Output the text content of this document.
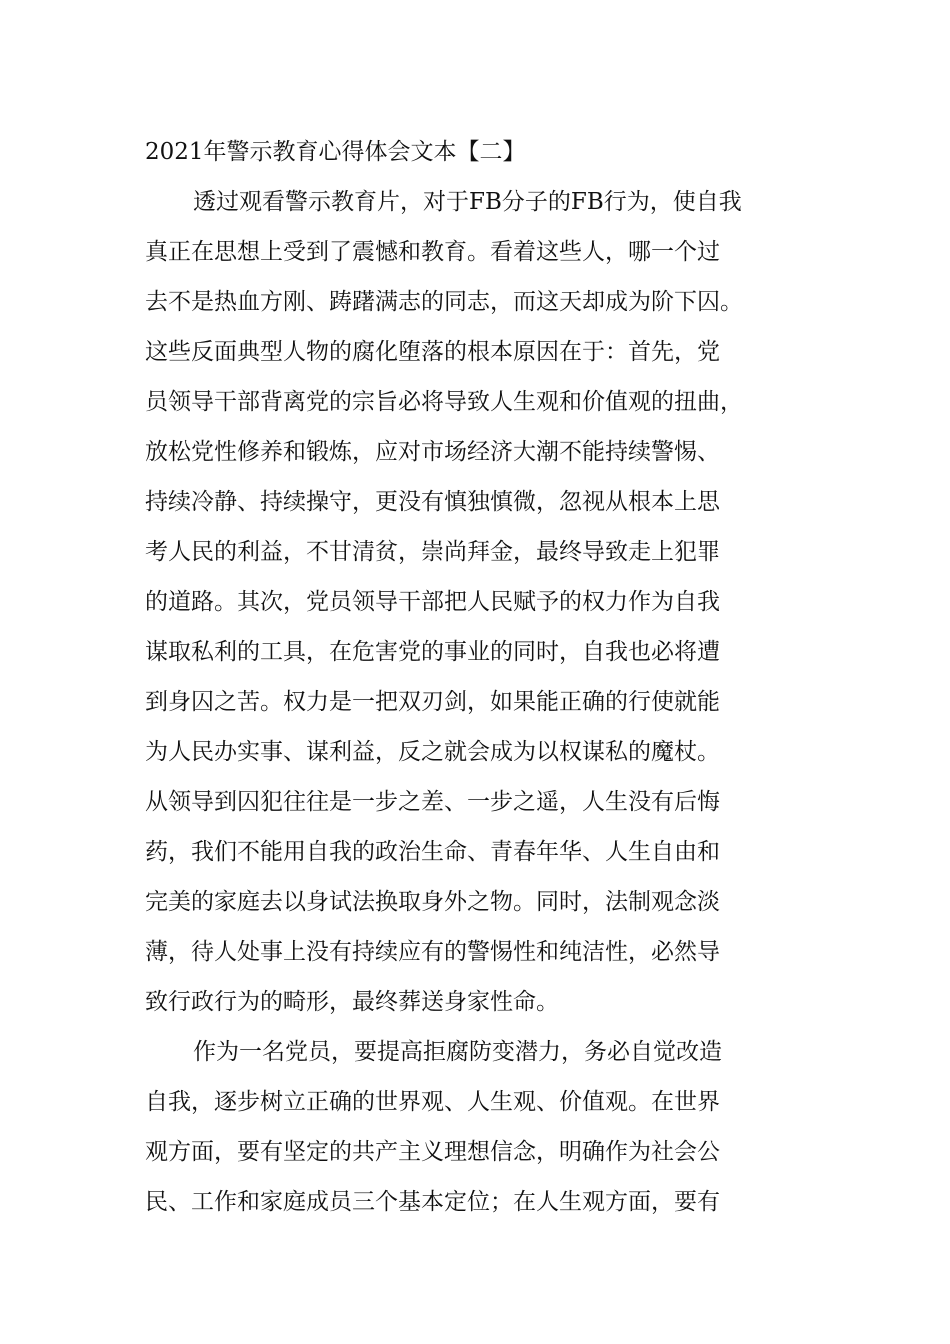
2021年警示教育心得体会文本【二】

透过观看警示教育片，对于FB分子的FB行为，使自我

真正在思想上受到了震憾和教育。看着这些人，哪一个过

去不是热血方刚、踌躇满志的同志，而这天却成为阶下囚。

这些反面典型人物的腐化堕落的根本原因在于：首先，党

员领导干部背离党的宗旨必将导致人生观和价值观的扭曲，

放松党性修养和锻炼，应对市场经济大潮不能持续警惕、

持续冷静、持续操守，更没有慎独慎微，忽视从根本上思

考人民的利益，不甘清贫，崇尚拜金，最终导致走上犯罪

的道路。其次，党员领导干部把人民赋予的权力作为自我

谋取私利的工具，在危害党的事业的同时，自我也必将遭

到身囚之苦。权力是一把双刃剑，如果能正确的行使就能

为人民办实事、谋利益，反之就会成为以权谋私的魔杖。

从领导到囚犯往往是一步之差、一步之遥，人生没有后悔

药，我们不能用自我的政治生命、青春年华、人生自由和

完美的家庭去以身试法换取身外之物。同时，法制观念淡

薄，待人处事上没有持续应有的警惕性和纯洁性，必然导

致行政行为的畸形，最终葬送身家性命。

作为一名党员，要提高拒腐防变潜力，务必自觉改造

自我，逐步树立正确的世界观、人生观、价值观。在世界

观方面，要有坚定的共产主义理想信念，明确作为社会公

民、工作和家庭成员三个基本定位；在人生观方面，要有
